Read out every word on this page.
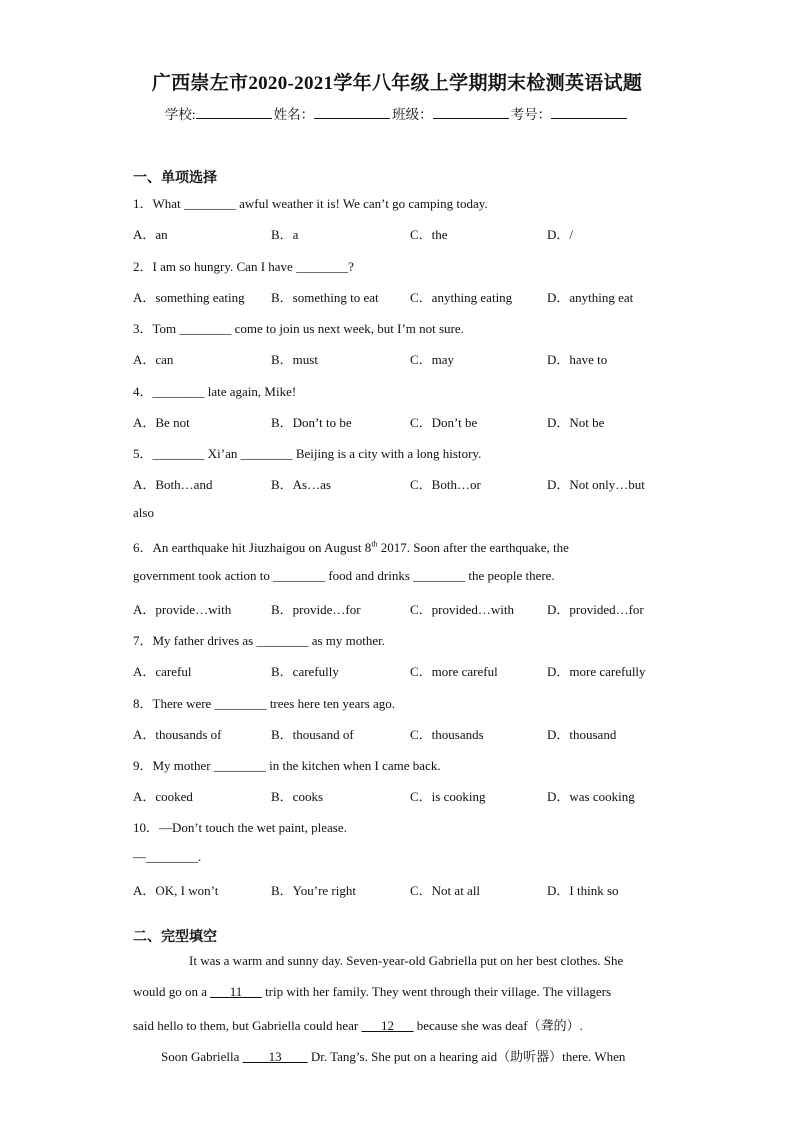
广西崇左市2020-2021学年八年级上学期期末检测英语试题
学校:	姓名：	班级：	考号：
一、单项选择
1．What ________ awful weather it is! We can’t go camping today.
A．an	B．a	C．the	D．/
2．I am so hungry. Can I have ________?
A．something eating B．something to eat C．anything eating	D．anything eat
3．Tom ________ come to join us next week, but I’m not sure.
A．can	B．must	C．may	D．have to
4．________ late again, Mike!
A．Be not	B．Don’t to be	C．Don’t be	D．Not be
5．________ Xi’an ________ Beijing is a city with a long history.
A．Both…and	B．As…as	C．Both…or	D．Not only…but
also
6．An earthquake hit Jiuzhaigou on August 8th 2017. Soon after the earthquake, the
government took action to ________ food and drinks ________ the people there.
A．provide…with	B．provide…for	C．provided…with	D．provided…for
7．My father drives as ________ as my mother.
A．careful	B．carefully	C．more careful	D．more carefully
8．There were ________ trees here ten years ago.
A．thousands of	B．thousand of	C．thousands	D．thousand
9．My mother ________ in the kitchen when I came back.
A．cooked	B．cooks	C．is cooking	D．was cooking
10．—Don’t touch the wet paint, please.
—________.
A．OK, I won’t	B．You’re right	C．Not at all	D．I think so
二、完型填空
It was a warm and sunny day. Seven-year-old Gabriella put on her best clothes. She
would go on a ___11___ trip with her family. They went through their village. The villagers
said hello to them, but Gabriella could hear ___12___ because she was deaf（聋的）.
Soon Gabriella ____13____ Dr. Tang’s. She put on a hearing aid（助听器）there. When
